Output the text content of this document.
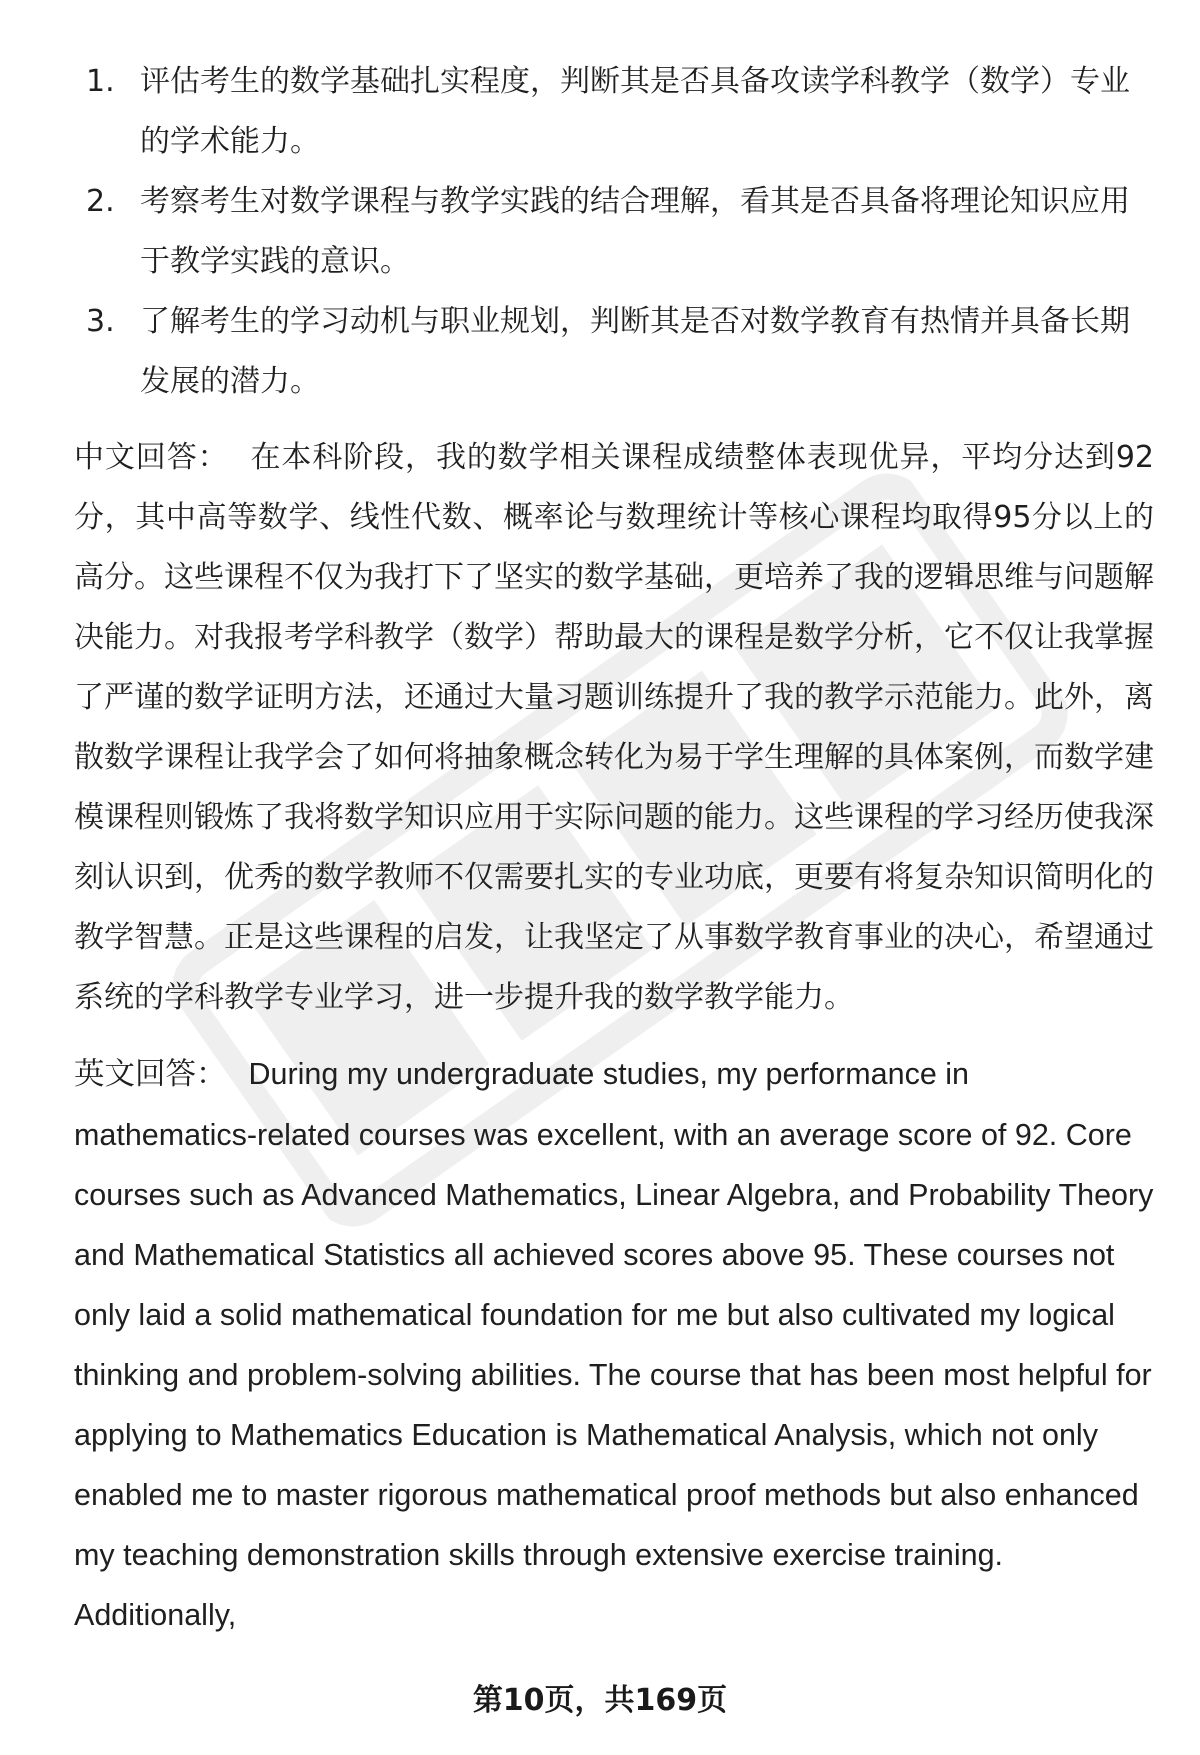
1. 评估考生的数学基础扎实程度，判断其是否具备攻读学科教学（数学）专业的学术能力。
2. 考察考生对数学课程与教学实践的结合理解，看其是否具备将理论知识应用于教学实践的意识。
3. 了解考生的学习动机与职业规划，判断其是否对数学教育有热情并具备长期发展的潜力。

中文回答： 在本科阶段，我的数学相关课程成绩整体表现优异，平均分达到92分，其中高等数学、线性代数、概率论与数理统计等核心课程均取得95分以上的高分。这些课程不仅为我打下了坚实的数学基础，更培养了我的逻辑思维与问题解决能力。对我报考学科教学（数学）帮助最大的课程是数学分析，它不仅让我掌握了严谨的数学证明方法，还通过大量习题训练提升了我的教学示范能力。此外，离散数学课程让我学会了如何将抽象概念转化为易于学生理解的具体案例，而数学建模课程则锻炼了我将数学知识应用于实际问题的能力。这些课程的学习经历使我深刻认识到，优秀的数学教师不仅需要扎实的专业功底，更要有将复杂知识简明化的教学智慧。正是这些课程的启发，让我坚定了从事数学教育事业的决心，希望通过系统的学科教学专业学习，进一步提升我的数学教学能力。

英文回答： During my undergraduate studies, my performance in mathematics-related courses was excellent, with an average score of 92. Core courses such as Advanced Mathematics, Linear Algebra, and Probability Theory and Mathematical Statistics all achieved scores above 95. These courses not only laid a solid mathematical foundation for me but also cultivated my logical thinking and problem-solving abilities. The course that has been most helpful for applying to Mathematics Education is Mathematical Analysis, which not only enabled me to master rigorous mathematical proof methods but also enhanced my teaching demonstration skills through extensive exercise training. Additionally,

第10页，共169页
